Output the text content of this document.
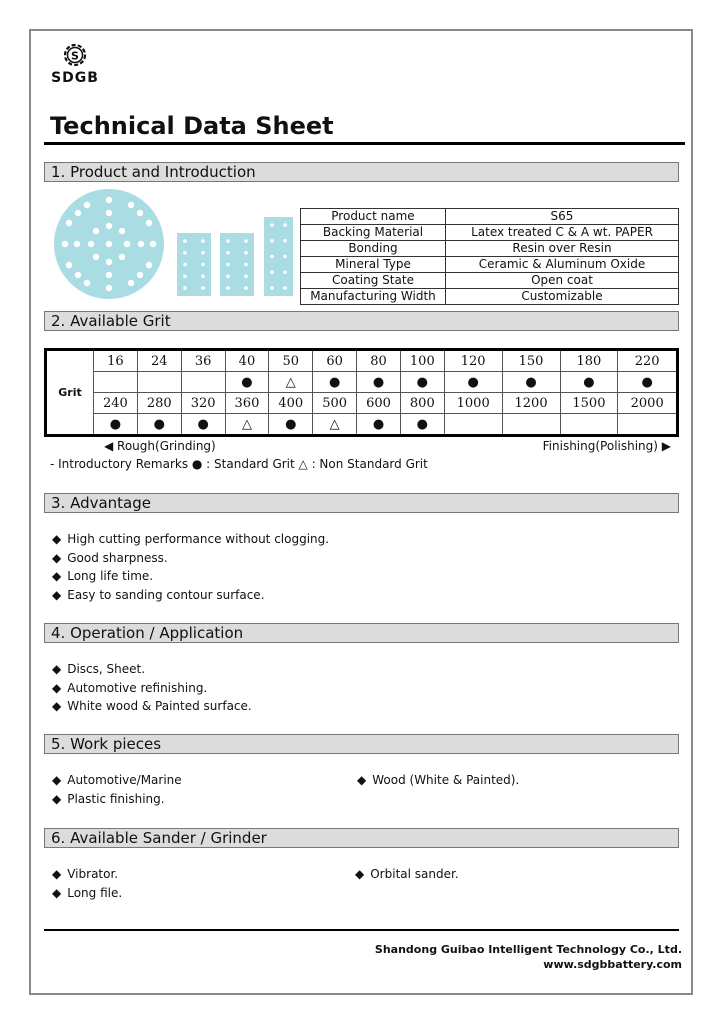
S
SDGB
Technical Data Sheet
1. Product and Introduction
Product name	S65
Backing Material	Latex treated C & A wt. PAPER
Bonding	Resin over Resin
Mineral Type	Ceramic & Aluminum Oxide
Coating State	Open coat
Manufacturing Width	Customizable
2. Available Grit
Grit	16	24	36	40	50	60	80	100	120	150	180	220
				●	△	●	●	●	●	●	●	●
	240	280	320	360	400	500	600	800	1000	1200	1500	2000
	●	●	●	△	●	△	●	●				
◀ Rough(Grinding)	Finishing(Polishing) ▶
- Introductory Remarks ● : Standard Grit △ : Non Standard Grit
3. Advantage
◆ High cutting performance without clogging.
◆ Good sharpness.
◆ Long life time.
◆ Easy to sanding contour surface.
4. Operation / Application
◆ Discs, Sheet.
◆ Automotive refinishing.
◆ White wood & Painted surface.
5. Work pieces
◆ Automotive/Marine
◆ Plastic finishing.
◆ Wood (White & Painted).
6. Available Sander / Grinder
◆ Vibrator.
◆ Long file.
◆ Orbital sander.
Shandong Guibao Intelligent Technology Co., Ltd.
www.sdgbbattery.com
